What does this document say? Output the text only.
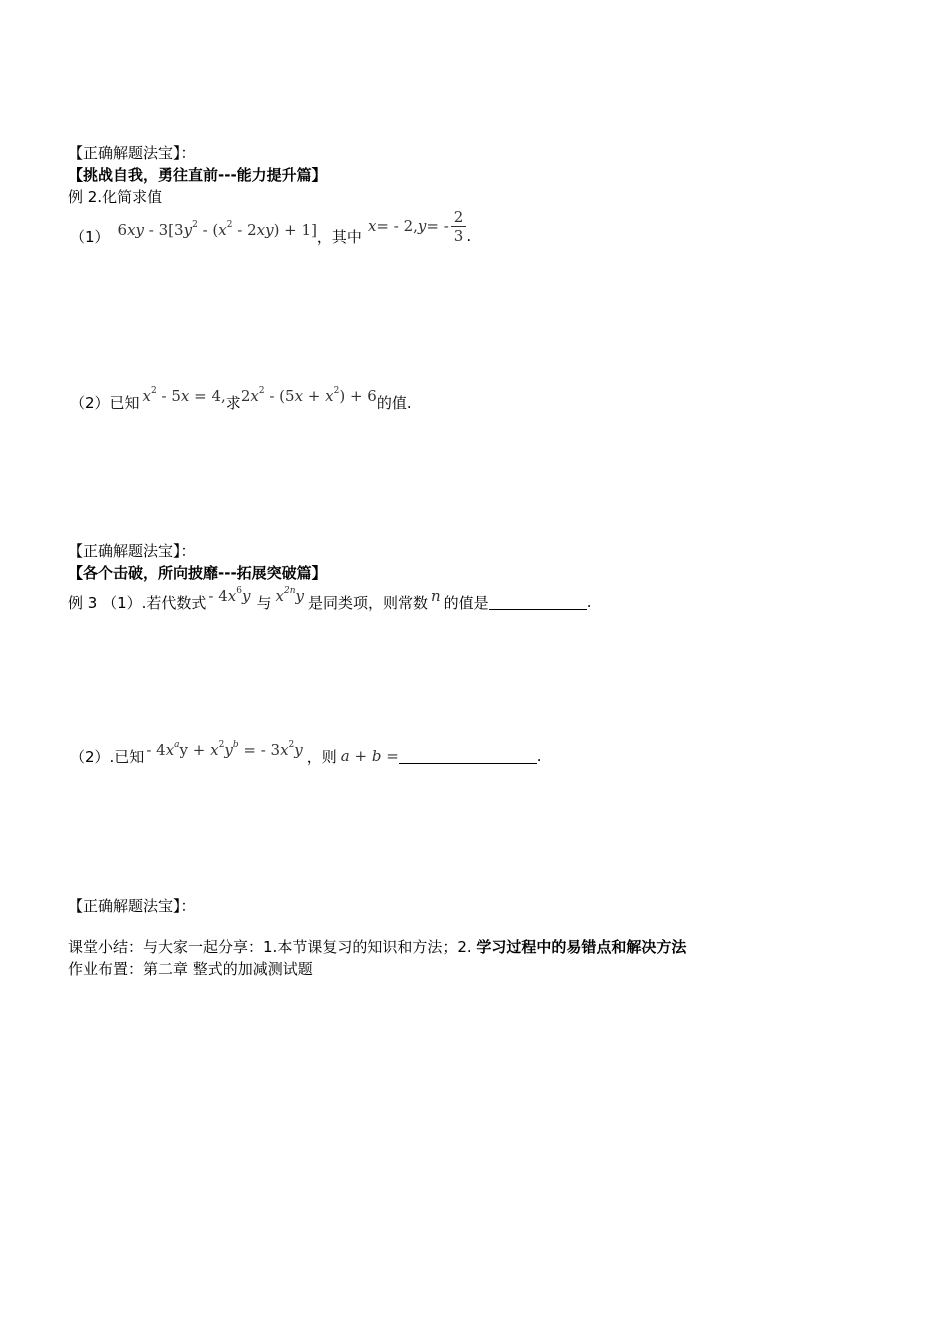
【正确解题法宝】：
【挑战自我，勇往直前---能力提升篇】
例 2.化简求值
（1） $6xy - 3[3y^2 - (x^2 - 2xy) + 1]$ ，其中
x = - 2, y = - $\frac{2}{3}$ .
（2）已知 $x^2 - 5x = 4$, 求 $2x^2 - (5x + x^2) + 6$ 的值.
【正确解题法宝】：
【各个击破，所向披靡---拓展突破篇】
例 3 （1）.若代数式 - $4x^6y$ 与 $x^{2n}y$ 是同类项，则常数 n 的值是	.
（2）.已知 - $4x^ay + x^2y^b$ = - $3x^2y$ ，则 a + b =	.
【正确解题法宝】：
课堂小结：与大家一起分享：1.本节课复习的知识和方法；2. 学习过程中的易错点和解决方法
作业布置：第二章 整式的加减测试题
